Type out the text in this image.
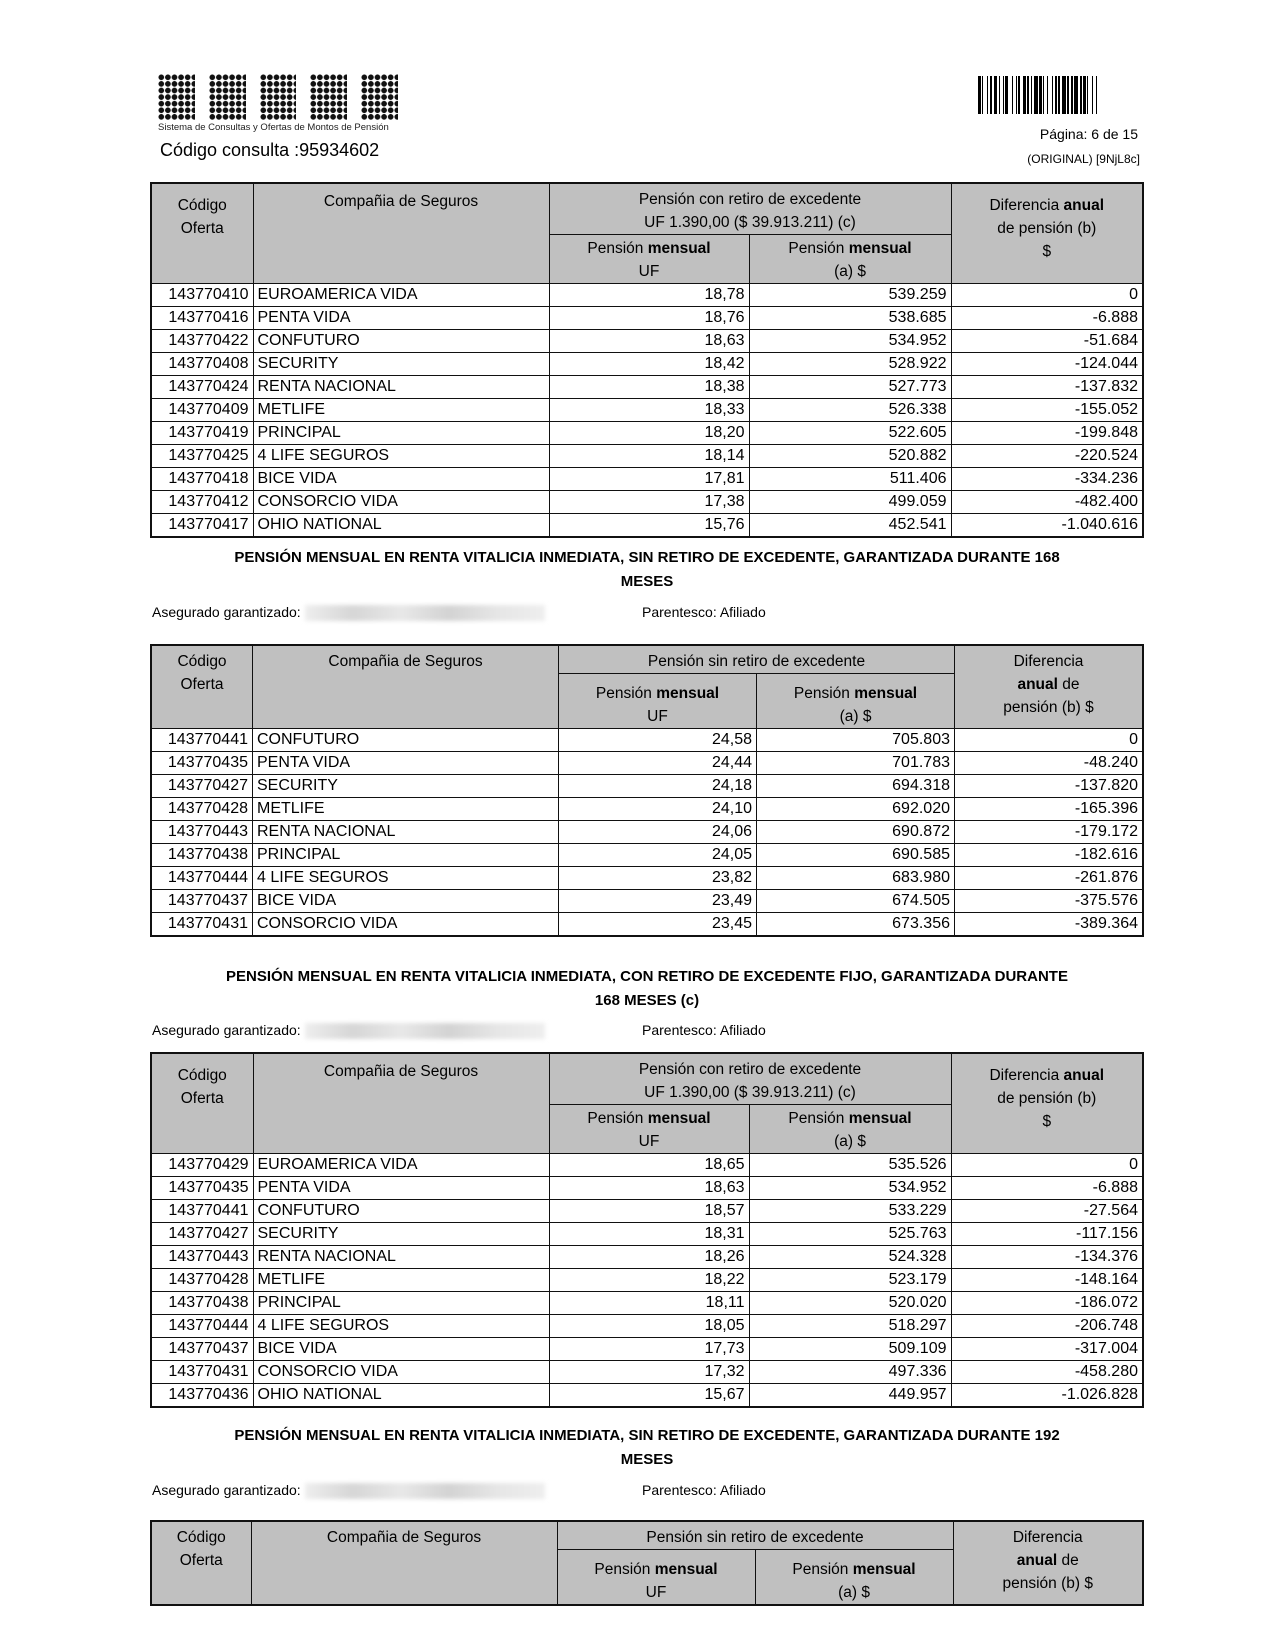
Sistema de Consultas y Ofertas de Montos de Pensión
Código consulta :95934602
Página: 6 de 15
(ORIGINAL) [9NjL8c]
Código
Oferta	Compañia de Seguros	Pensión con retiro de excedente
UF 1.390,00 ($ 39.913.211) (c)		Diferencia anual
de pensión (b)
$
		Pensión mensual
UF	Pensión mensual
(a) $	
143770410	EUROAMERICA VIDA	18,78	539.259	0
143770416	PENTA VIDA	18,76	538.685	-6.888
143770422	CONFUTURO	18,63	534.952	-51.684
143770408	SECURITY	18,42	528.922	-124.044
143770424	RENTA NACIONAL	18,38	527.773	-137.832
143770409	METLIFE	18,33	526.338	-155.052
143770419	PRINCIPAL	18,20	522.605	-199.848
143770425	4 LIFE SEGUROS	18,14	520.882	-220.524
143770418	BICE VIDA	17,81	511.406	-334.236
143770412	CONSORCIO VIDA	17,38	499.059	-482.400
143770417	OHIO NATIONAL	15,76	452.541	-1.040.616
PENSIÓN MENSUAL EN RENTA VITALICIA INMEDIATA, SIN RETIRO DE EXCEDENTE, GARANTIZADA DURANTE 168
MESES
Asegurado garantizado:	Parentesco: Afiliado
Código
Oferta	Compañia de Seguros	Pensión sin retiro de excedente		Diferencia
anual de
pensión (b) $
		Pensión mensual
UF	Pensión mensual
(a) $	
143770441	CONFUTURO	24,58	705.803	0
143770435	PENTA VIDA	24,44	701.783	-48.240
143770427	SECURITY	24,18	694.318	-137.820
143770428	METLIFE	24,10	692.020	-165.396
143770443	RENTA NACIONAL	24,06	690.872	-179.172
143770438	PRINCIPAL	24,05	690.585	-182.616
143770444	4 LIFE SEGUROS	23,82	683.980	-261.876
143770437	BICE VIDA	23,49	674.505	-375.576
143770431	CONSORCIO VIDA	23,45	673.356	-389.364
PENSIÓN MENSUAL EN RENTA VITALICIA INMEDIATA, CON RETIRO DE EXCEDENTE FIJO, GARANTIZADA DURANTE
168 MESES (c)
Asegurado garantizado:	Parentesco: Afiliado
Código
Oferta	Compañia de Seguros	Pensión con retiro de excedente
UF 1.390,00 ($ 39.913.211) (c)		Diferencia anual
de pensión (b)
$
		Pensión mensual
UF	Pensión mensual
(a) $	
143770429	EUROAMERICA VIDA	18,65	535.526	0
143770435	PENTA VIDA	18,63	534.952	-6.888
143770441	CONFUTURO	18,57	533.229	-27.564
143770427	SECURITY	18,31	525.763	-117.156
143770443	RENTA NACIONAL	18,26	524.328	-134.376
143770428	METLIFE	18,22	523.179	-148.164
143770438	PRINCIPAL	18,11	520.020	-186.072
143770444	4 LIFE SEGUROS	18,05	518.297	-206.748
143770437	BICE VIDA	17,73	509.109	-317.004
143770431	CONSORCIO VIDA	17,32	497.336	-458.280
143770436	OHIO NATIONAL	15,67	449.957	-1.026.828
PENSIÓN MENSUAL EN RENTA VITALICIA INMEDIATA, SIN RETIRO DE EXCEDENTE, GARANTIZADA DURANTE 192
MESES
Asegurado garantizado:	Parentesco: Afiliado
Código
Oferta	Compañia de Seguros	Pensión sin retiro de excedente		Diferencia
anual de
pensión (b) $
		Pensión mensual
UF	Pensión mensual
(a) $	
